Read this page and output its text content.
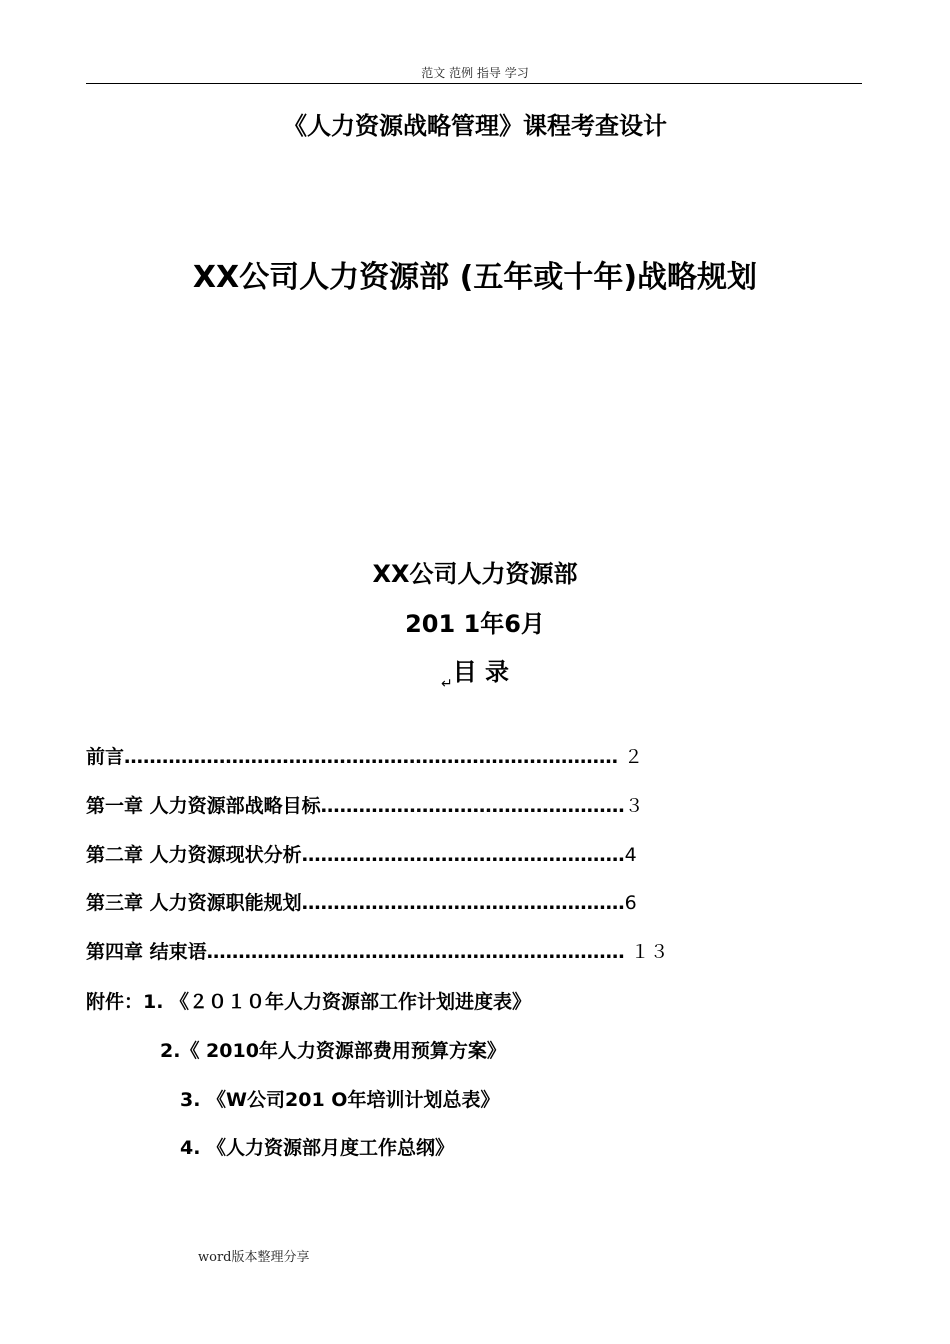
范文 范例 指导 学习
《人力资源战略管理》课程考查设计
XX公司人力资源部 (五年或十年)战略规划
XX公司人力资源部
201 1年6月
$_↵$目 录
前言…………………………………………………………………… ２
第一章 人力资源部战略目标…………………………………………３
第二章 人力资源现状分析……………………………………………4
第三章 人力资源职能规划……………………………………………6
第四章 结束语………………………………………………………… １３
附件：1. 《２０１０年人力资源部工作计划进度表》
2.《 2010年人力资源部费用预算方案》
3. 《W公司201 O年培训计划总表》
4. 《人力资源部月度工作总纲》
word版本整理分享
